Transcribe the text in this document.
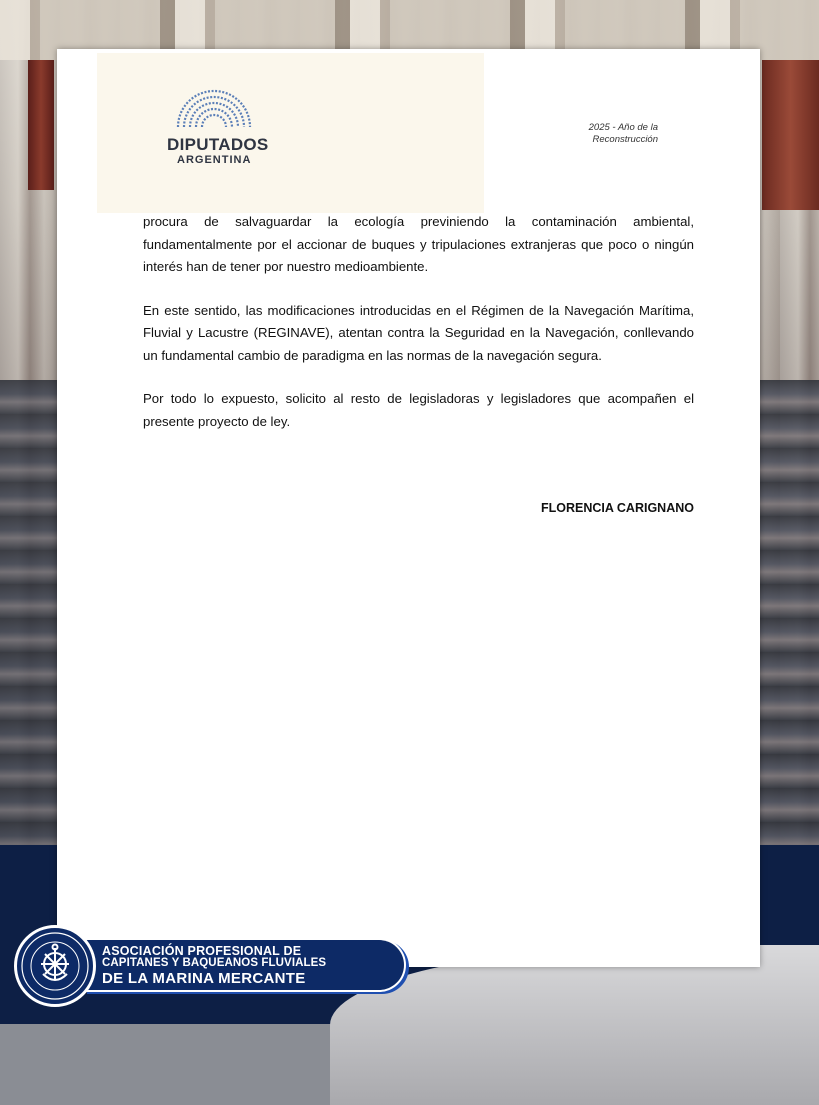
DIPUTADOS
ARGENTINA
2025 - Año de la
Reconstrucción

procura de salvaguardar la ecología previniendo la contaminación ambiental, fundamentalmente por el accionar de buques y tripulaciones extranjeras que poco o ningún interés han de tener por nuestro medioambiente.

En este sentido, las modificaciones introducidas en el Régimen de la Navegación Marítima, Fluvial y Lacustre (REGINAVE), atentan contra la Seguridad en la Navegación, conllevando un fundamental cambio de paradigma en las normas de la navegación segura.

Por todo lo expuesto, solicito al resto de legisladoras y legisladores que acompañen el presente proyecto de ley.

FLORENCIA CARIGNANO
ASOCIACIÓN PROFESIONAL DE
CAPITANES Y BAQUEANOS FLUVIALES
DE LA MARINA MERCANTE
